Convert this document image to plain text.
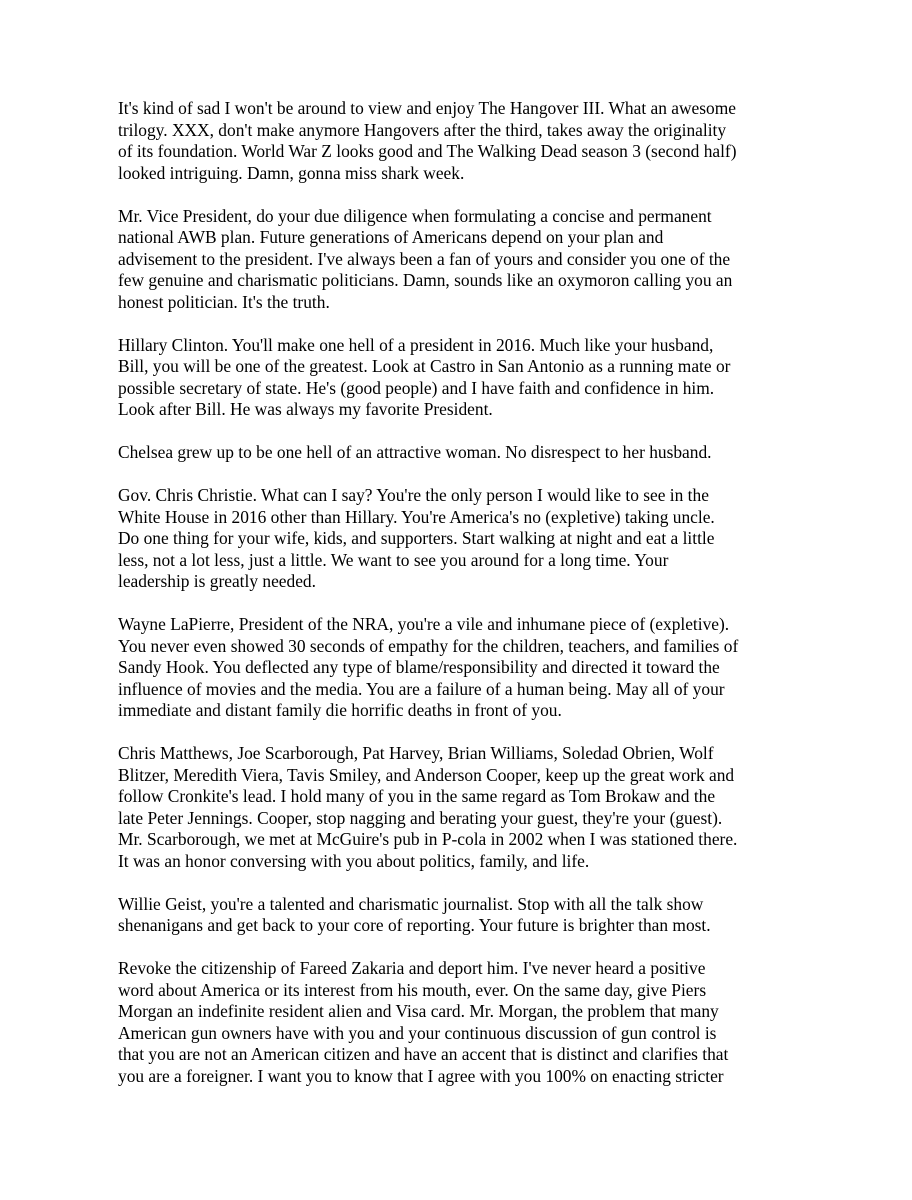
It's kind of sad I won't be around to view and enjoy The Hangover III. What an awesome
trilogy. XXX, don't make anymore Hangovers after the third, takes away the originality
of its foundation. World War Z looks good and The Walking Dead season 3 (second half)
looked intriguing. Damn, gonna miss shark week.

Mr. Vice President, do your due diligence when formulating a concise and permanent
national AWB plan. Future generations of Americans depend on your plan and
advisement to the president. I've always been a fan of yours and consider you one of the
few genuine and charismatic politicians. Damn, sounds like an oxymoron calling you an
honest politician. It's the truth.

Hillary Clinton. You'll make one hell of a president in 2016. Much like your husband,
Bill, you will be one of the greatest. Look at Castro in San Antonio as a running mate or
possible secretary of state. He's (good people) and I have faith and confidence in him.
Look after Bill. He was always my favorite President.

Chelsea grew up to be one hell of an attractive woman. No disrespect to her husband.

Gov. Chris Christie. What can I say? You're the only person I would like to see in the
White House in 2016 other than Hillary. You're America's no (expletive) taking uncle.
Do one thing for your wife, kids, and supporters. Start walking at night and eat a little
less, not a lot less, just a little. We want to see you around for a long time. Your
leadership is greatly needed.

Wayne LaPierre, President of the NRA, you're a vile and inhumane piece of (expletive).
You never even showed 30 seconds of empathy for the children, teachers, and families of
Sandy Hook. You deflected any type of blame/responsibility and directed it toward the
influence of movies and the media. You are a failure of a human being. May all of your
immediate and distant family die horrific deaths in front of you.

Chris Matthews, Joe Scarborough, Pat Harvey, Brian Williams, Soledad Obrien, Wolf
Blitzer, Meredith Viera, Tavis Smiley, and Anderson Cooper, keep up the great work and
follow Cronkite's lead. I hold many of you in the same regard as Tom Brokaw and the
late Peter Jennings. Cooper, stop nagging and berating your guest, they're your (guest).
Mr. Scarborough, we met at McGuire's pub in P-cola in 2002 when I was stationed there.
It was an honor conversing with you about politics, family, and life.

Willie Geist, you're a talented and charismatic journalist. Stop with all the talk show
shenanigans and get back to your core of reporting. Your future is brighter than most.

Revoke the citizenship of Fareed Zakaria and deport him. I've never heard a positive
word about America or its interest from his mouth, ever. On the same day, give Piers
Morgan an indefinite resident alien and Visa card. Mr. Morgan, the problem that many
American gun owners have with you and your continuous discussion of gun control is
that you are not an American citizen and have an accent that is distinct and clarifies that
you are a foreigner. I want you to know that I agree with you 100% on enacting stricter
